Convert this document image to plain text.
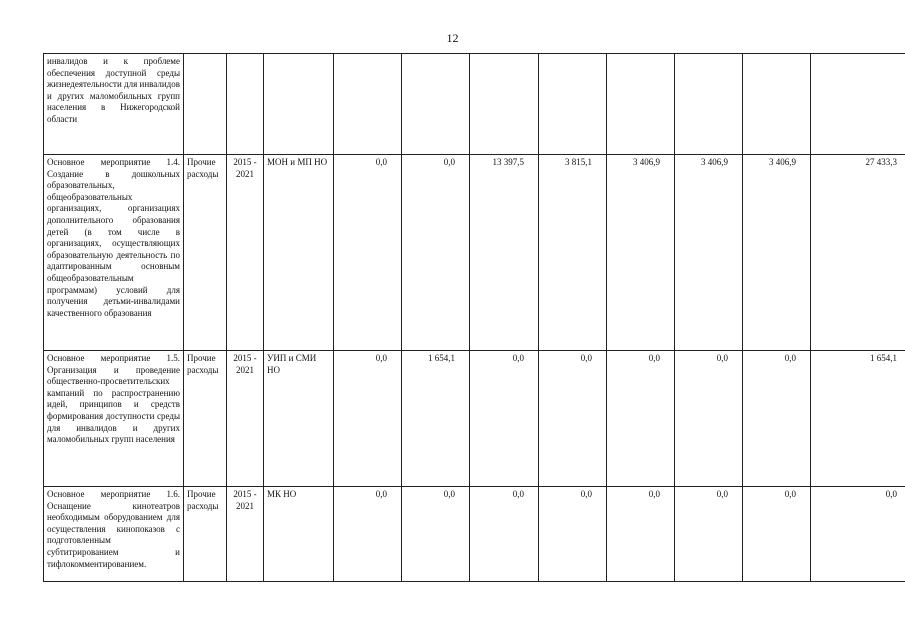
12
инвалидов и к проблеме обеспечения доступной среды жизнедеятельности для инвалидов и других маломобильных групп населения в Нижегородской области											
Основное мероприятие 1.4. Создание в дошкольных образовательных, общеобразовательных организациях, организациях дополнительного образования детей (в том числе в организациях, осуществляющих образовательную деятельность по адаптированным основным общеобразовательным программам) условий для получения детьми-инвалидами качественного образования	Прочие расходы	2015 - 2021	МОН и МП НО	0,0	0,0	13 397,5	3 815,1	3 406,9	3 406,9	3 406,9	27 433,3
Основное мероприятие 1.5. Организация и проведение общественно-просветительских кампаний по распространению идей, принципов и средств формирования доступности среды для инвалидов и других маломобильных групп населения	Прочие расходы	2015 - 2021	УИП и СМИ НО	0,0	1 654,1	0,0	0,0	0,0	0,0	0,0	1 654,1
Основное мероприятие 1.6. Оснащение кинотеатров необходимым оборудованием для осуществления кинопоказов с подготовленным субтитрированием и тифлокомментированием.	Прочие расходы	2015 - 2021	МК НО	0,0	0,0	0,0	0,0	0,0	0,0	0,0	0,0
